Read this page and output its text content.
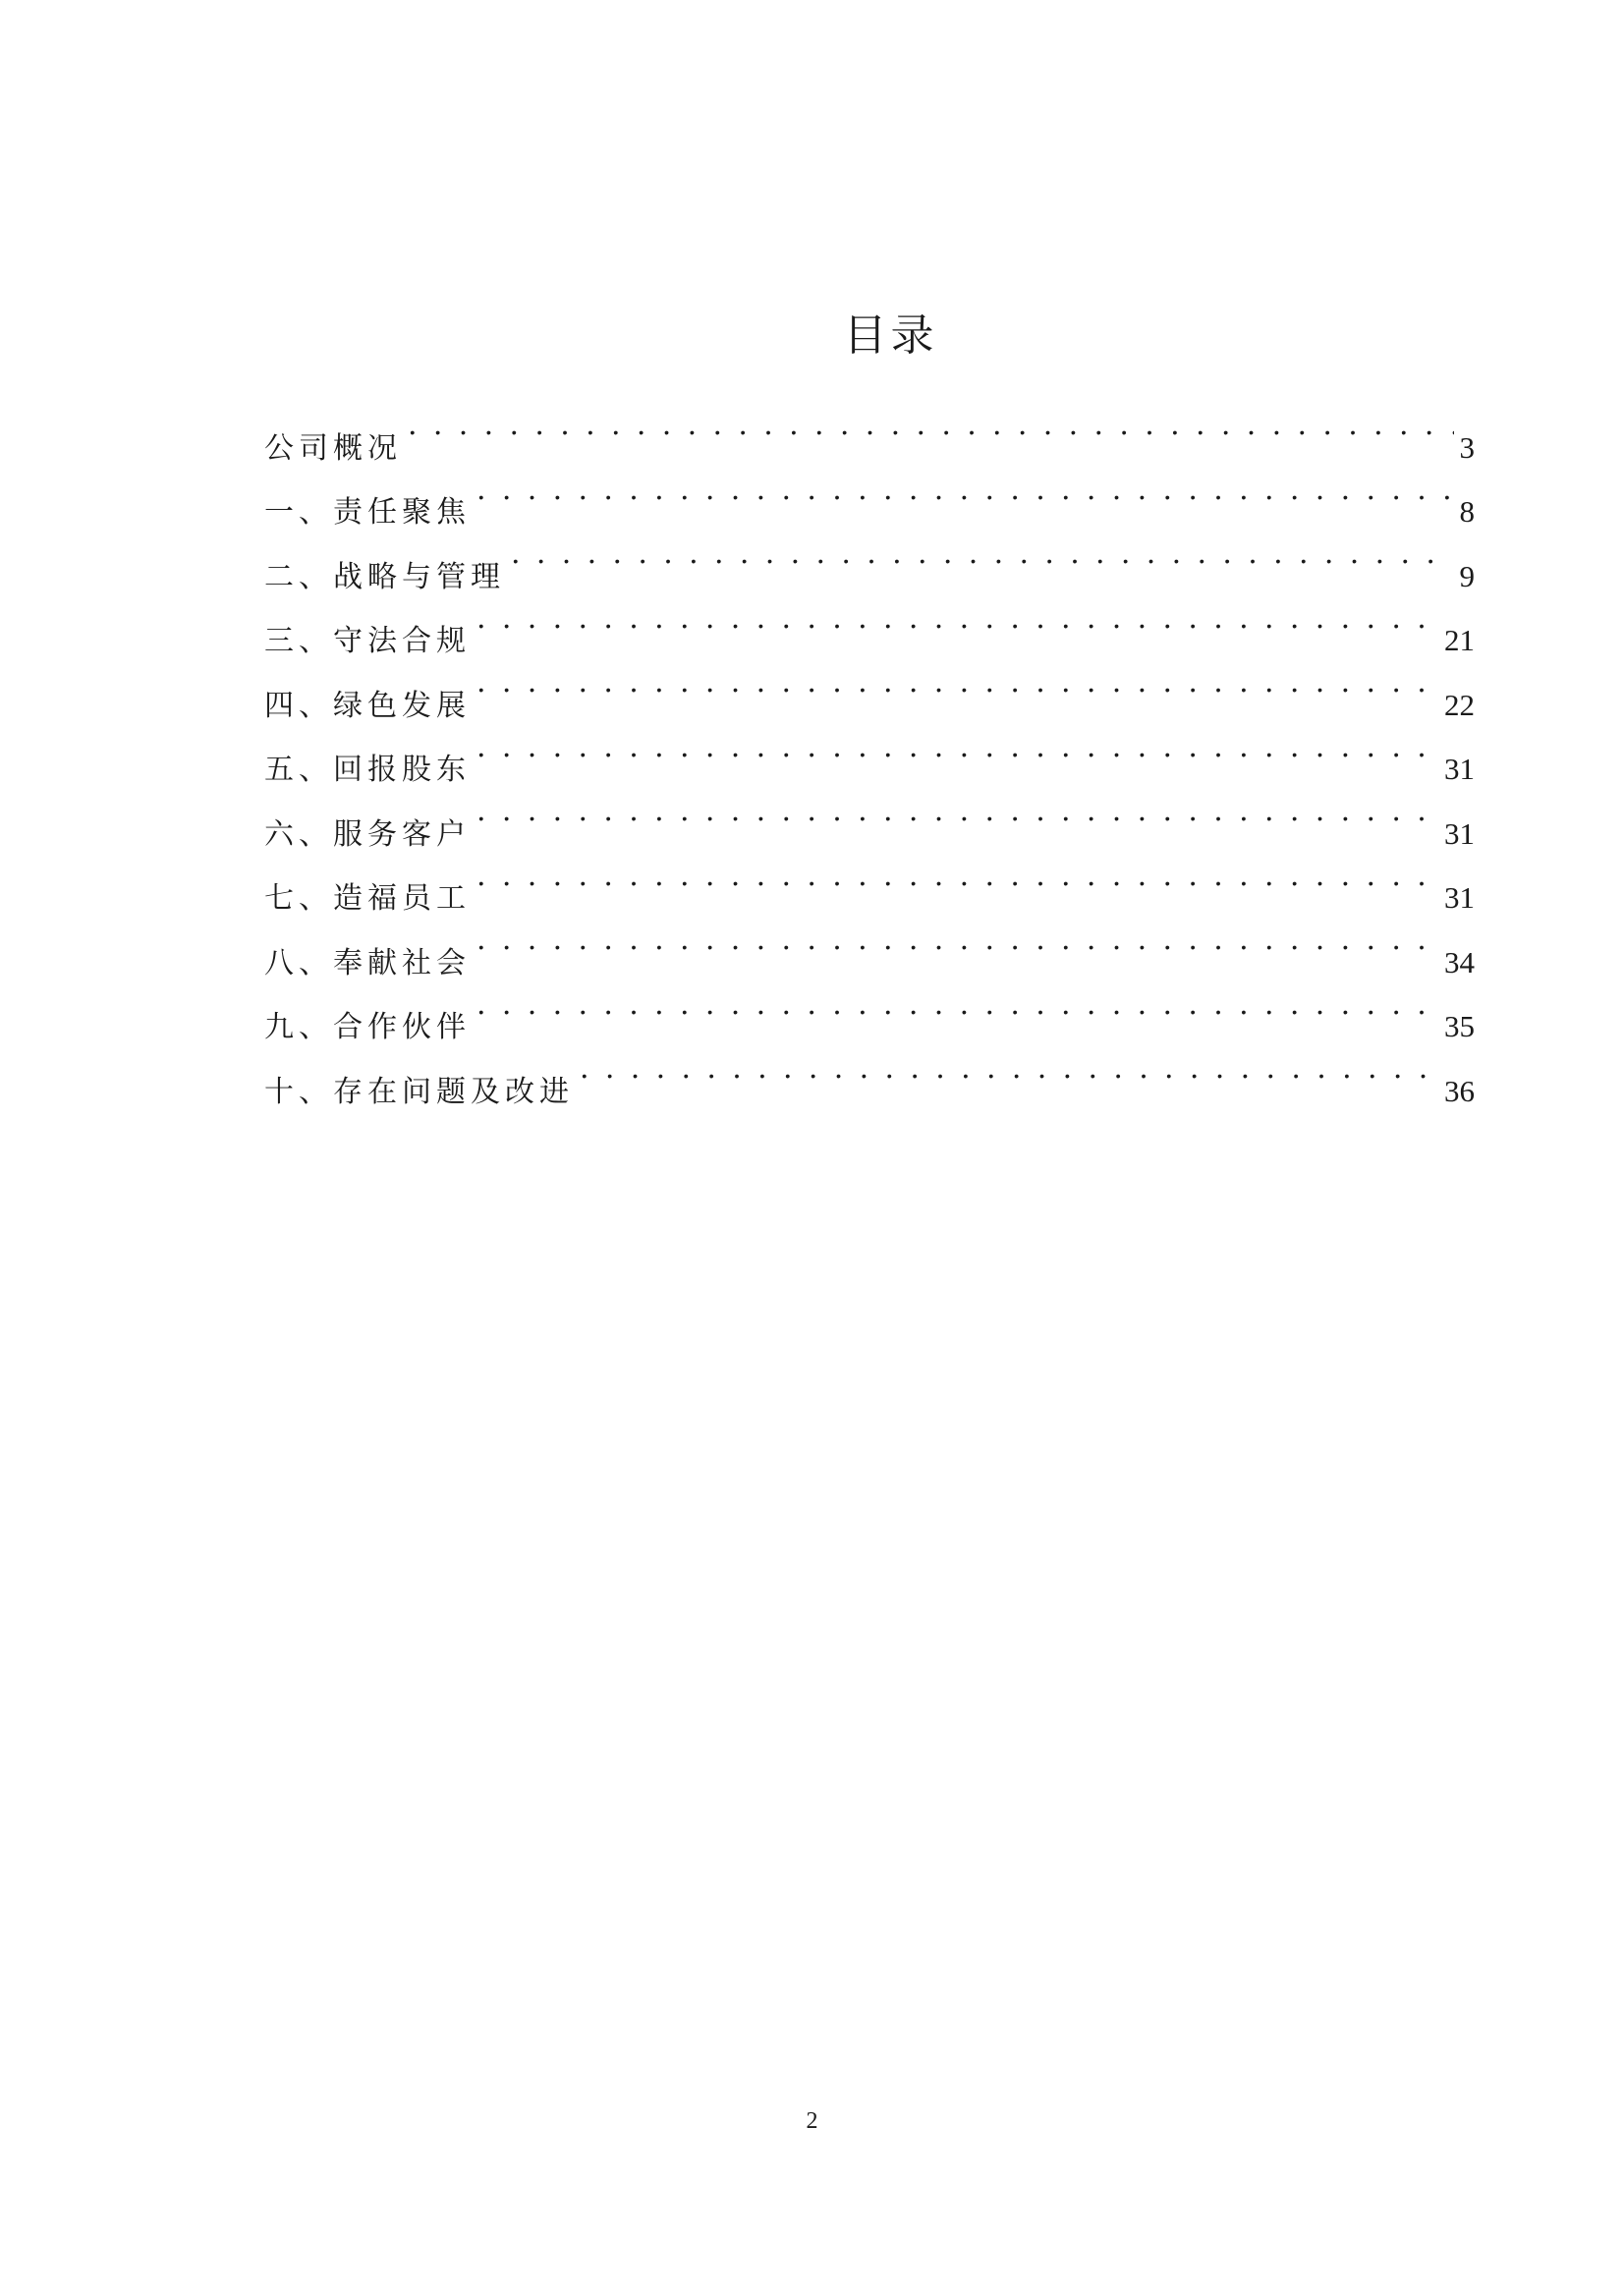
目录
公司概况 . . .	3
一、责任聚焦 . . .	8
二、战略与管理 . . .	9
三、守法合规 . . .	21
四、绿色发展 . . .	22
五、回报股东 . . .	31
六、服务客户 . . .	31
七、造福员工 . . .	31
八、奉献社会 . . .	34
九、合作伙伴 . . .	35
十、存在问题及改进 . . .	36
2
